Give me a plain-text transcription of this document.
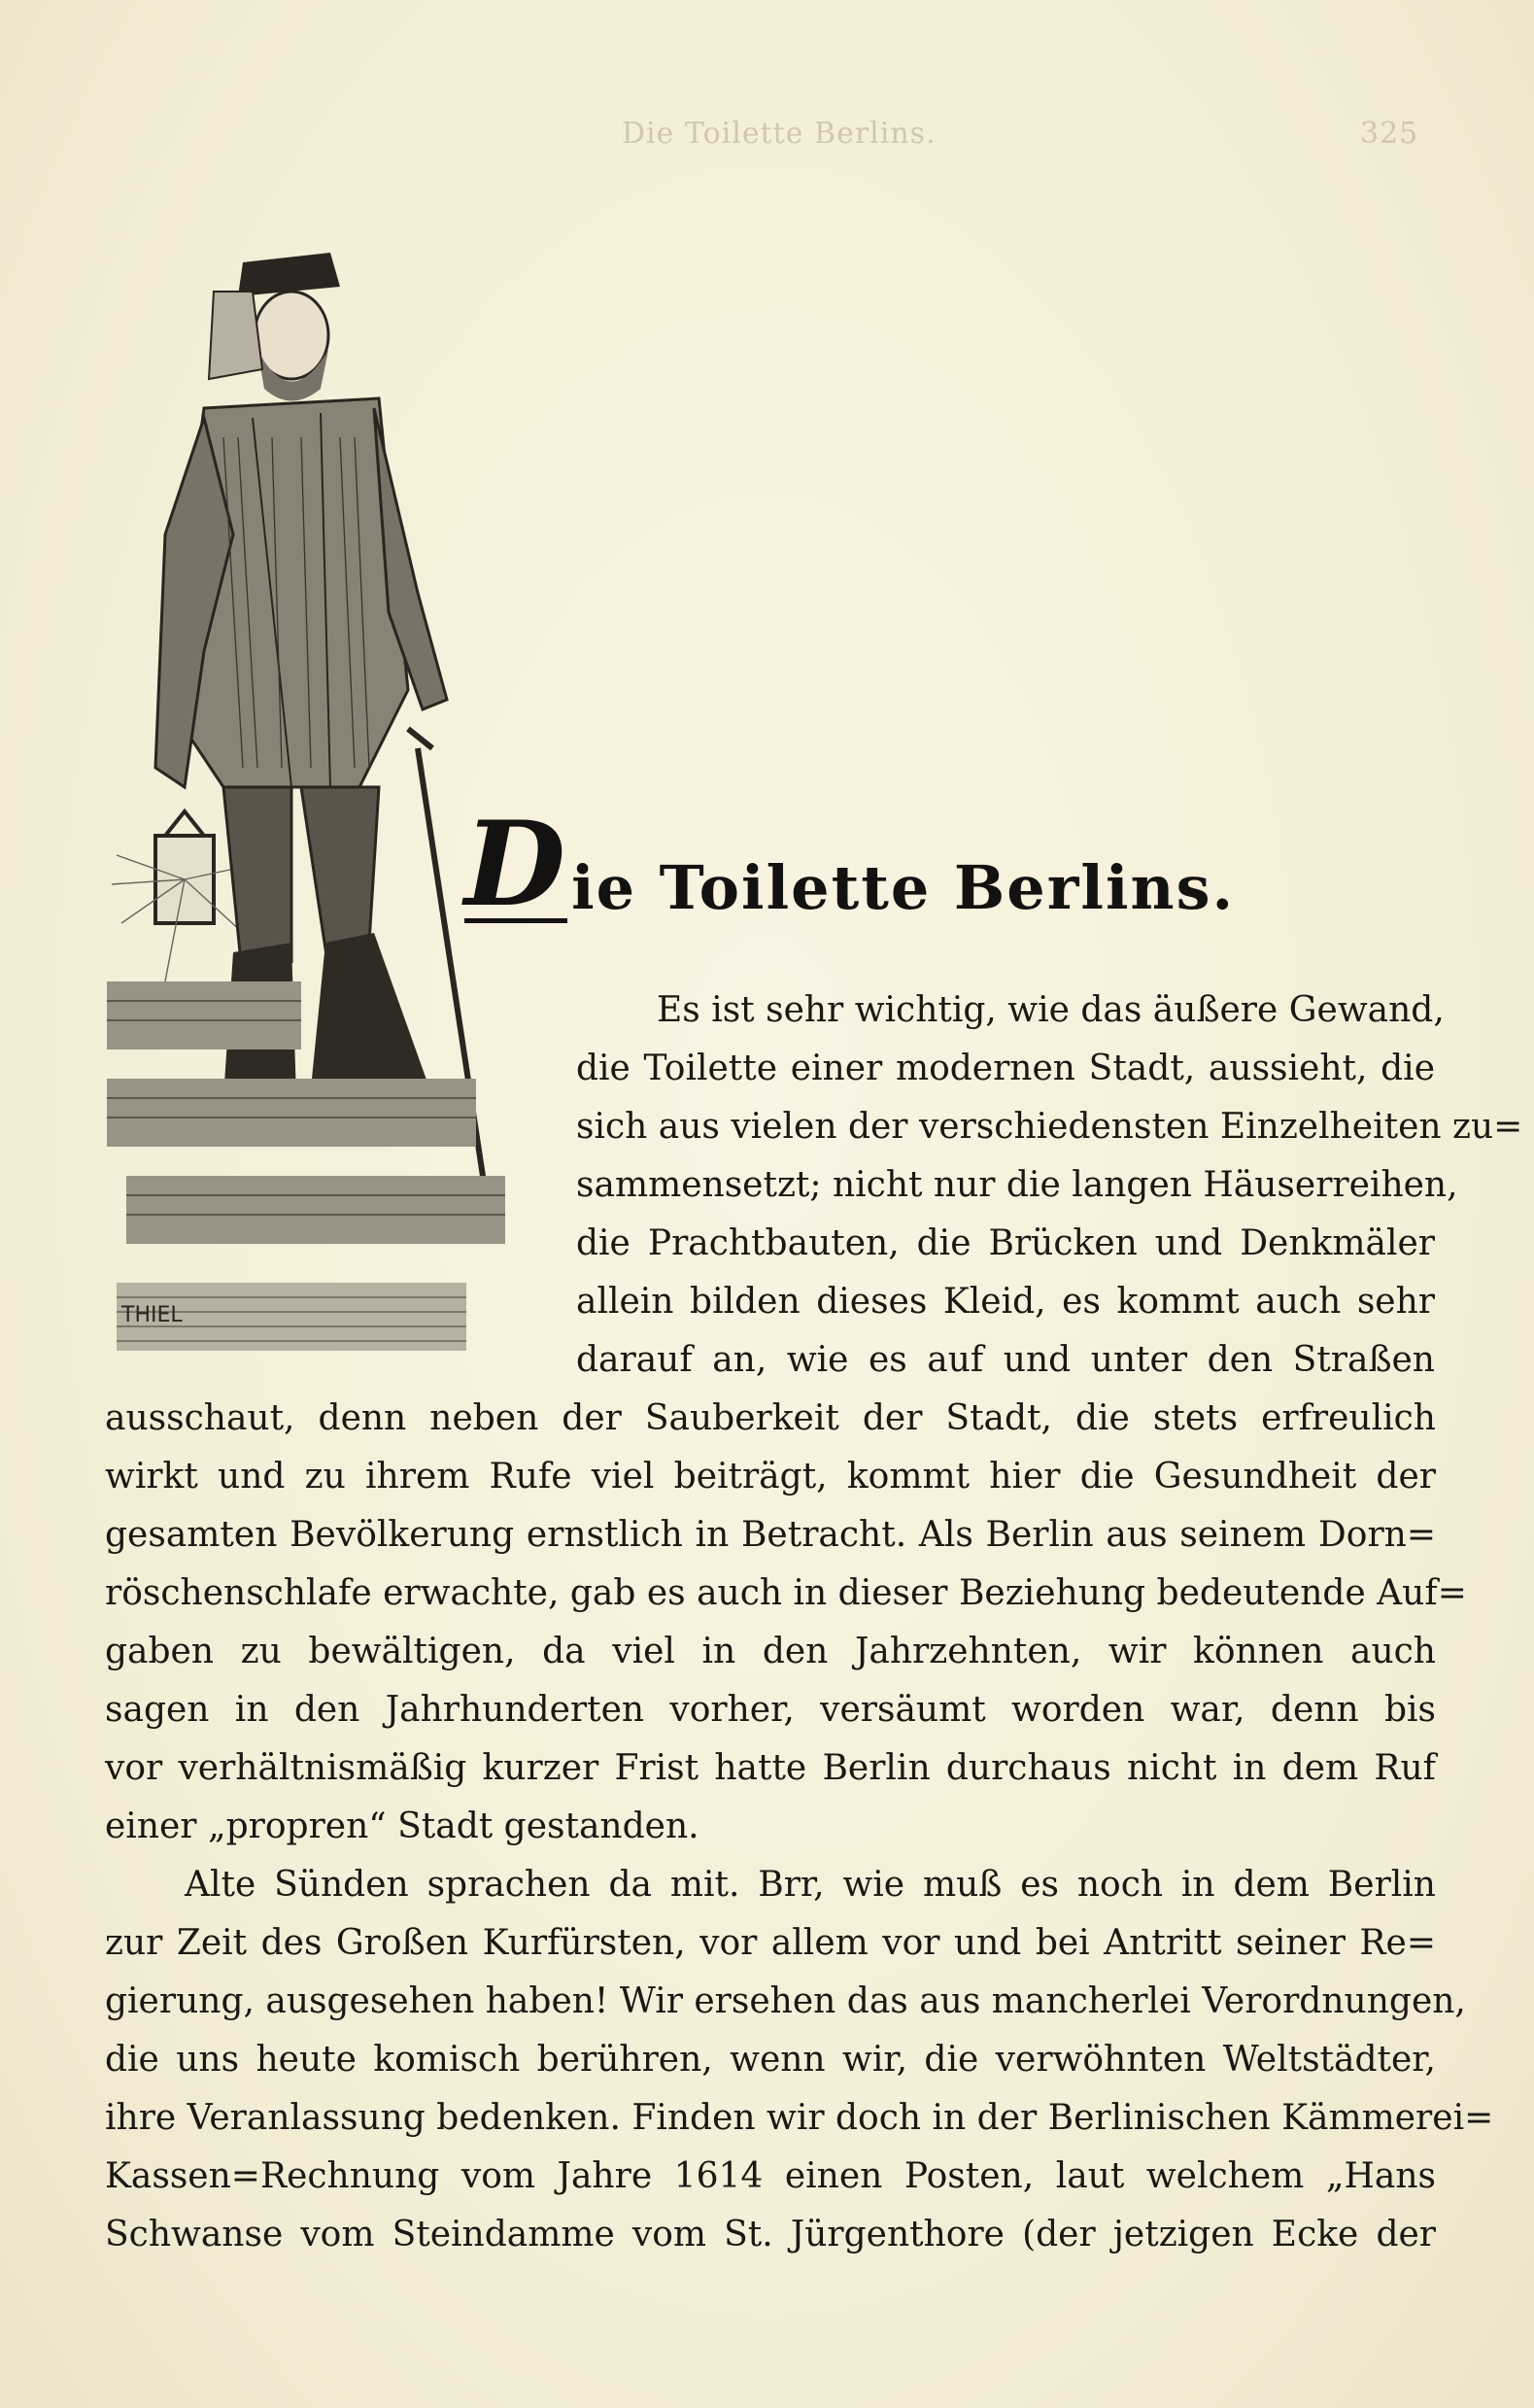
Die Toilette Berlins.	325
THIEL
D ie Toilette Berlins.
Es ist sehr wichtig, wie das äußere Gewand,
die Toilette einer modernen Stadt, aussieht, die
sich aus vielen der verschiedensten Einzelheiten zu=
sammensetzt; nicht nur die langen Häuserreihen,
die Prachtbauten, die Brücken und Denkmäler
allein bilden dieses Kleid, es kommt auch sehr
darauf an, wie es auf und unter den Straßen
ausschaut, denn neben der Sauberkeit der Stadt, die stets erfreulich
wirkt und zu ihrem Rufe viel beiträgt, kommt hier die Gesundheit der
gesamten Bevölkerung ernstlich in Betracht. Als Berlin aus seinem Dorn=
röschenschlafe erwachte, gab es auch in dieser Beziehung bedeutende Auf=
gaben zu bewältigen, da viel in den Jahrzehnten, wir können auch
sagen in den Jahrhunderten vorher, versäumt worden war, denn bis
vor verhältnismäßig kurzer Frist hatte Berlin durchaus nicht in dem Ruf
einer „propren“ Stadt gestanden.
Alte Sünden sprachen da mit. Brr, wie muß es noch in dem Berlin
zur Zeit des Großen Kurfürsten, vor allem vor und bei Antritt seiner Re=
gierung, ausgesehen haben! Wir ersehen das aus mancherlei Verordnungen,
die uns heute komisch berühren, wenn wir, die verwöhnten Weltstädter,
ihre Veranlassung bedenken. Finden wir doch in der Berlinischen Kämmerei=
Kassen=Rechnung vom Jahre 1614 einen Posten, laut welchem „Hans
Schwanse vom Steindamme vom St. Jürgenthore (der jetzigen Ecke der
